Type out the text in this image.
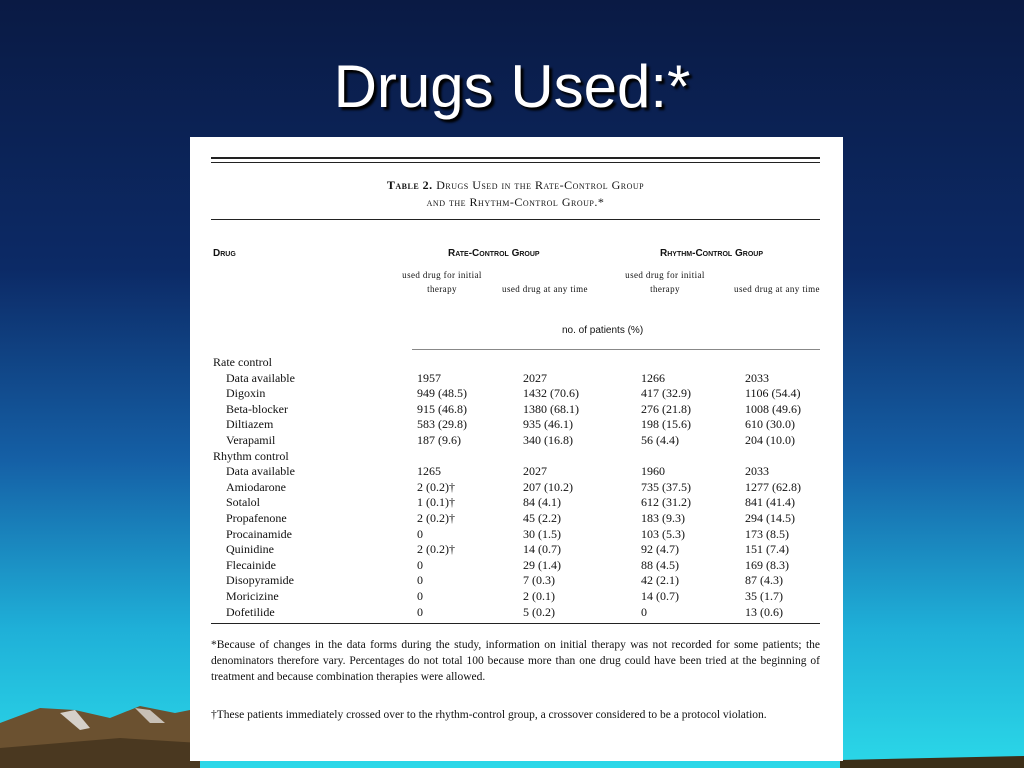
Drugs Used:*
Table 2. Drugs Used in the Rate-Control Group
and the Rhythm-Control Group.*
Drug	Rate-Control Group	Rhythm-Control Group
used drug for initial therapy	used drug at any time
used drug for initial therapy	used drug at any time
no. of patients (%)
Rate control
Data available	1957	2027	1266	2033
Digoxin	949 (48.5)	1432 (70.6)	417 (32.9)	1106 (54.4)
Beta-blocker	915 (46.8)	1380 (68.1)	276 (21.8)	1008 (49.6)
Diltiazem	583 (29.8)	935 (46.1)	198 (15.6)	610 (30.0)
Verapamil	187 (9.6)	340 (16.8)	56 (4.4)	204 (10.0)
Rhythm control
Data available	1265	2027	1960	2033
Amiodarone	2 (0.2)†	207 (10.2)	735 (37.5)	1277 (62.8)
Sotalol	1 (0.1)†	84 (4.1)	612 (31.2)	841 (41.4)
Propafenone	2 (0.2)†	45 (2.2)	183 (9.3)	294 (14.5)
Procainamide	0	30 (1.5)	103 (5.3)	173 (8.5)
Quinidine	2 (0.2)†	14 (0.7)	92 (4.7)	151 (7.4)
Flecainide	0	29 (1.4)	88 (4.5)	169 (8.3)
Disopyramide	0	7 (0.3)	42 (2.1)	87 (4.3)
Moricizine	0	2 (0.1)	14 (0.7)	35 (1.7)
Dofetilide	0	5 (0.2)	0	13 (0.6)
*Because of changes in the data forms during the study, information on initial therapy was not recorded for some patients; the denominators therefore vary. Percentages do not total 100 because more than one drug could have been tried at the beginning of treatment and because combination therapies were allowed.
†These patients immediately crossed over to the rhythm-control group, a crossover considered to be a protocol violation.
